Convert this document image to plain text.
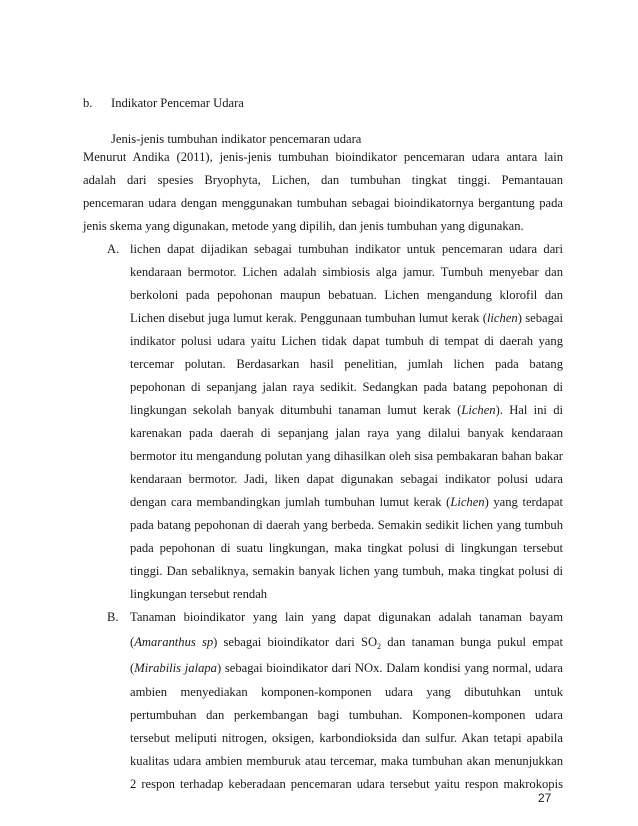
b. Indikator Pencemar Udara
Jenis-jenis tumbuhan indikator pencemaran udara
Menurut Andika (2011), jenis-jenis tumbuhan bioindikator pencemaran udara antara lain
adalah dari spesies Bryophyta, Lichen, dan tumbuhan tingkat tinggi. Pemantauan
pencemaran udara dengan menggunakan tumbuhan sebagai bioindikatornya bergantung pada
jenis skema yang digunakan, metode yang dipilih, dan jenis tumbuhan yang digunakan.
A. lichen dapat dijadikan sebagai tumbuhan indikator untuk pencemaran udara dari
kendaraan bermotor. Lichen adalah simbiosis alga jamur. Tumbuh menyebar dan
berkoloni pada pepohonan maupun bebatuan. Lichen mengandung klorofil dan
Lichen disebut juga lumut kerak. Penggunaan tumbuhan lumut kerak (lichen) sebagai
indikator polusi udara yaitu Lichen tidak dapat tumbuh di tempat di daerah yang
tercemar polutan. Berdasarkan hasil penelitian, jumlah lichen pada batang
pepohonan di sepanjang jalan raya sedikit. Sedangkan pada batang pepohonan di
lingkungan sekolah banyak ditumbuhi tanaman lumut kerak (Lichen). Hal ini di
karenakan pada daerah di sepanjang jalan raya yang dilalui banyak kendaraan
bermotor itu mengandung polutan yang dihasilkan oleh sisa pembakaran bahan bakar
kendaraan bermotor. Jadi, liken dapat digunakan sebagai indikator polusi udara
dengan cara membandingkan jumlah tumbuhan lumut kerak (Lichen) yang terdapat
pada batang pepohonan di daerah yang berbeda. Semakin sedikit lichen yang tumbuh
pada pepohonan di suatu lingkungan, maka tingkat polusi di lingkungan tersebut
tinggi. Dan sebaliknya, semakin banyak lichen yang tumbuh, maka tingkat polusi di
lingkungan tersebut rendah
B. Tanaman bioindikator yang lain yang dapat digunakan adalah tanaman bayam
(Amaranthus sp) sebagai bioindikator dari $SO_2$ dan tanaman bunga pukul empat
(Mirabilis jalapa) sebagai bioindikator dari NOx. Dalam kondisi yang normal, udara
ambien menyediakan komponen-komponen udara yang dibutuhkan untuk
pertumbuhan dan perkembangan bagi tumbuhan. Komponen-komponen udara
tersebut meliputi nitrogen, oksigen, karbondioksida dan sulfur. Akan tetapi apabila
kualitas udara ambien memburuk atau tercemar, maka tumbuhan akan menunjukkan
2 respon terhadap keberadaan pencemaran udara tersebut yaitu respon makrokopis
27
